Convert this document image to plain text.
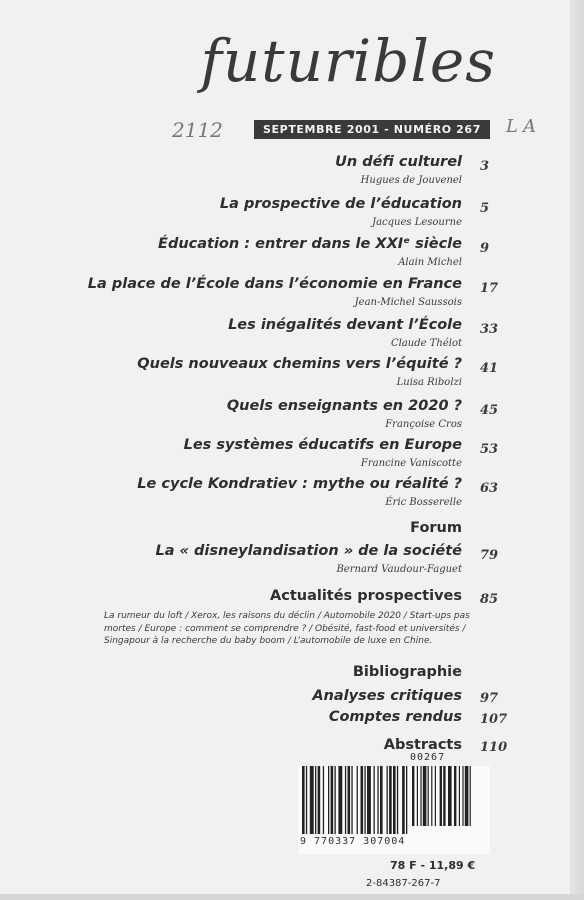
futuribles
SEPTEMBRE 2001 - NUMÉRO 267
2112	LA
Un défi culturel 3
Hugues de Jouvenel
La prospective de l’éducation 5
Jacques Lesourne
Éducation : entrer dans le XXIᵉ siècle 9
Alain Michel
La place de l’École dans l’économie en France 17
Jean-Michel Saussois
Les inégalités devant l’École 33
Claude Thélot
Quels nouveaux chemins vers l’équité ? 41
Luisa Ribolzi
Quels enseignants en 2020 ? 45
Françoise Cros
Les systèmes éducatifs en Europe 53
Francine Vaniscotte
Le cycle Kondratiev : mythe ou réalité ? 63
Éric Bosserelle
Forum
La « disneylandisation » de la société 79
Bernard Vaudour-Faguet
Actualités prospectives 85
La rumeur du loft / Xerox, les raisons du déclin / Automobile 2020 / Start-ups pas mortes / Europe : comment se comprendre ? / Obésité, fast-food et universités / Singapour à la recherche du baby boom / L’automobile de luxe en Chine.
Bibliographie
Analyses critiques 97
Comptes rendus 107
Abstracts 110
00267
9 770337 307004
78 F - 11,89 €
2-84387-267-7
